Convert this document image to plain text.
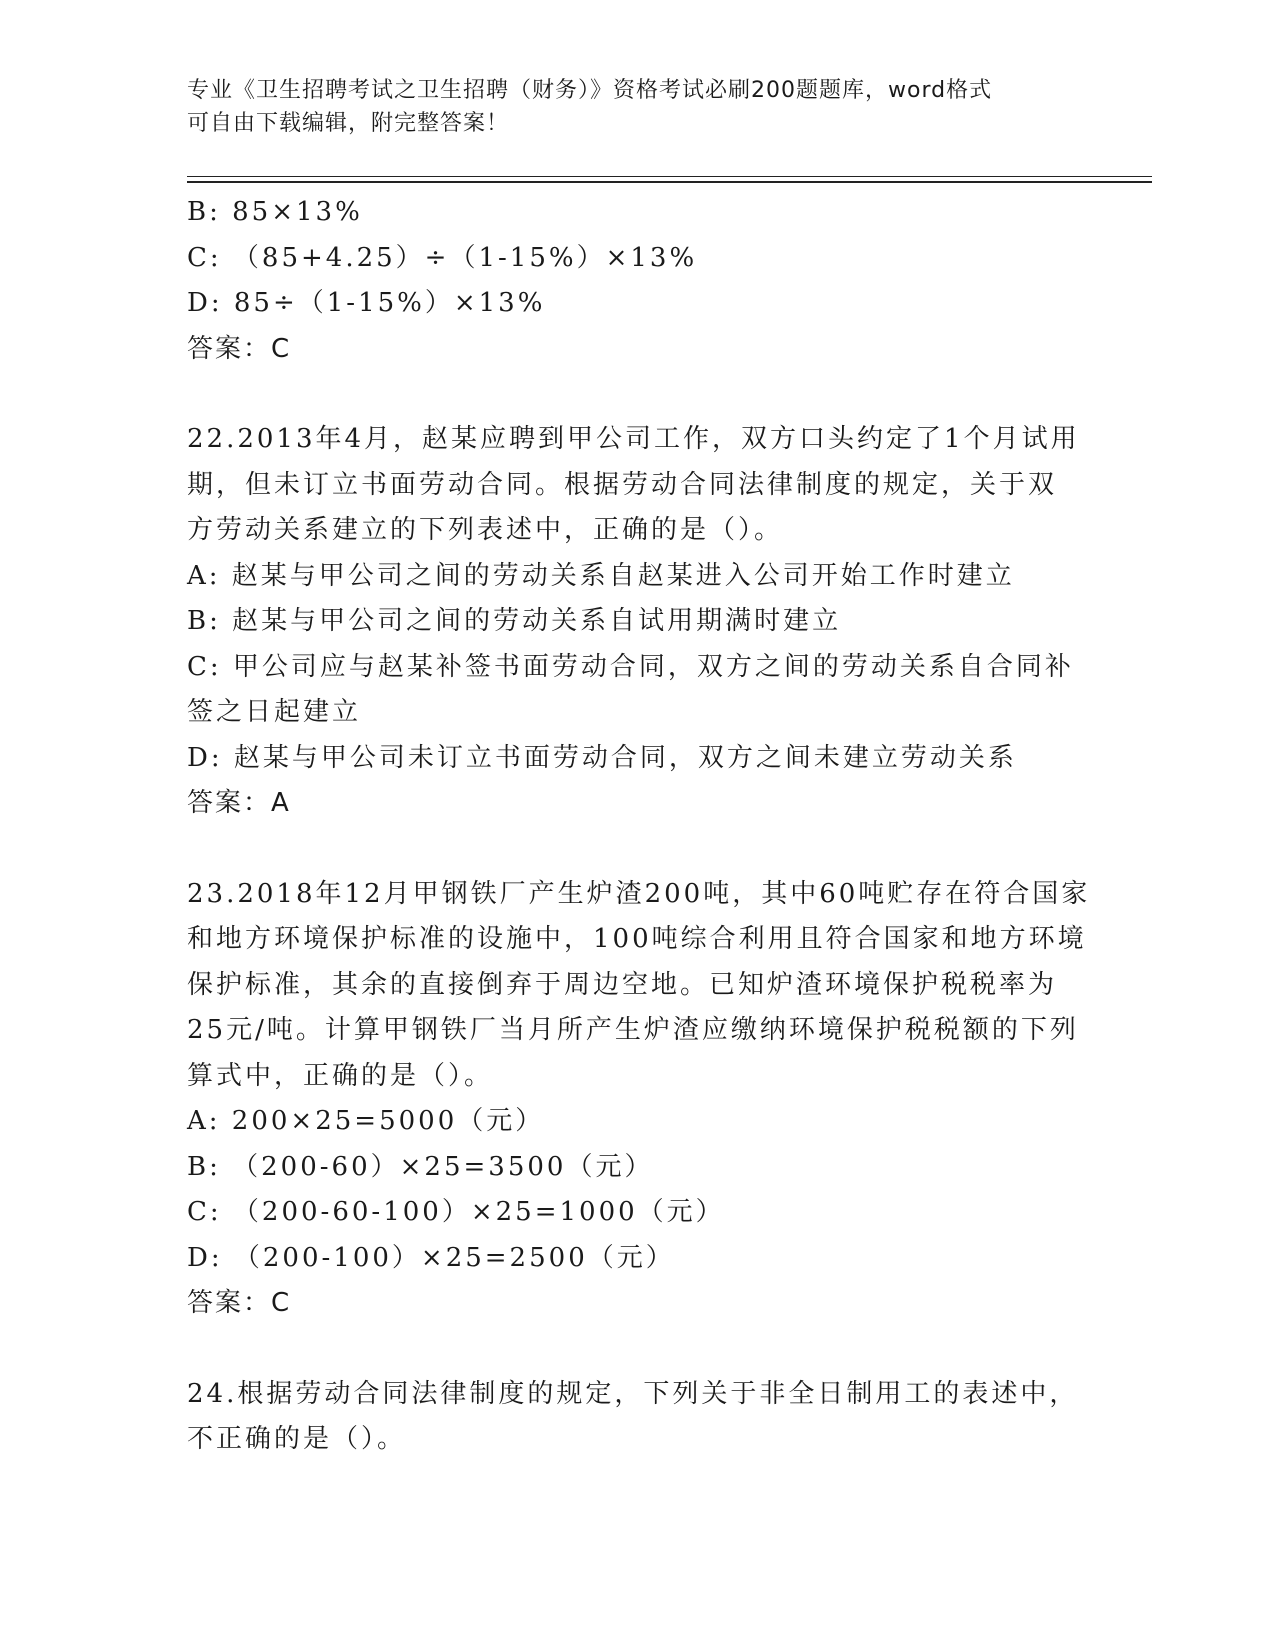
专业《卫生招聘考试之卫生招聘（财务）》资格考试必刷200题题库，word格式
可自由下载编辑，附完整答案！
B: 85×13%
C: （85+4.25）÷（1-15%）×13%
D: 85÷（1-15%）×13%
答案：C
22.2013年4月，赵某应聘到甲公司工作，双方口头约定了1个月试用
期，但未订立书面劳动合同。根据劳动合同法律制度的规定，关于双
方劳动关系建立的下列表述中，正确的是（）。
A: 赵某与甲公司之间的劳动关系自赵某进入公司开始工作时建立
B: 赵某与甲公司之间的劳动关系自试用期满时建立
C: 甲公司应与赵某补签书面劳动合同，双方之间的劳动关系自合同补
签之日起建立
D: 赵某与甲公司未订立书面劳动合同，双方之间未建立劳动关系
答案：A
23.2018年12月甲钢铁厂产生炉渣200吨，其中60吨贮存在符合国家
和地方环境保护标准的设施中，100吨综合利用且符合国家和地方环境
保护标准，其余的直接倒弃于周边空地。已知炉渣环境保护税税率为
25元/吨。计算甲钢铁厂当月所产生炉渣应缴纳环境保护税税额的下列
算式中，正确的是（）。
A: 200×25=5000（元）
B: （200-60）×25=3500（元）
C: （200-60-100）×25=1000（元）
D: （200-100）×25=2500（元）
答案：C
24.根据劳动合同法律制度的规定，下列关于非全日制用工的表述中，
不正确的是（）。
